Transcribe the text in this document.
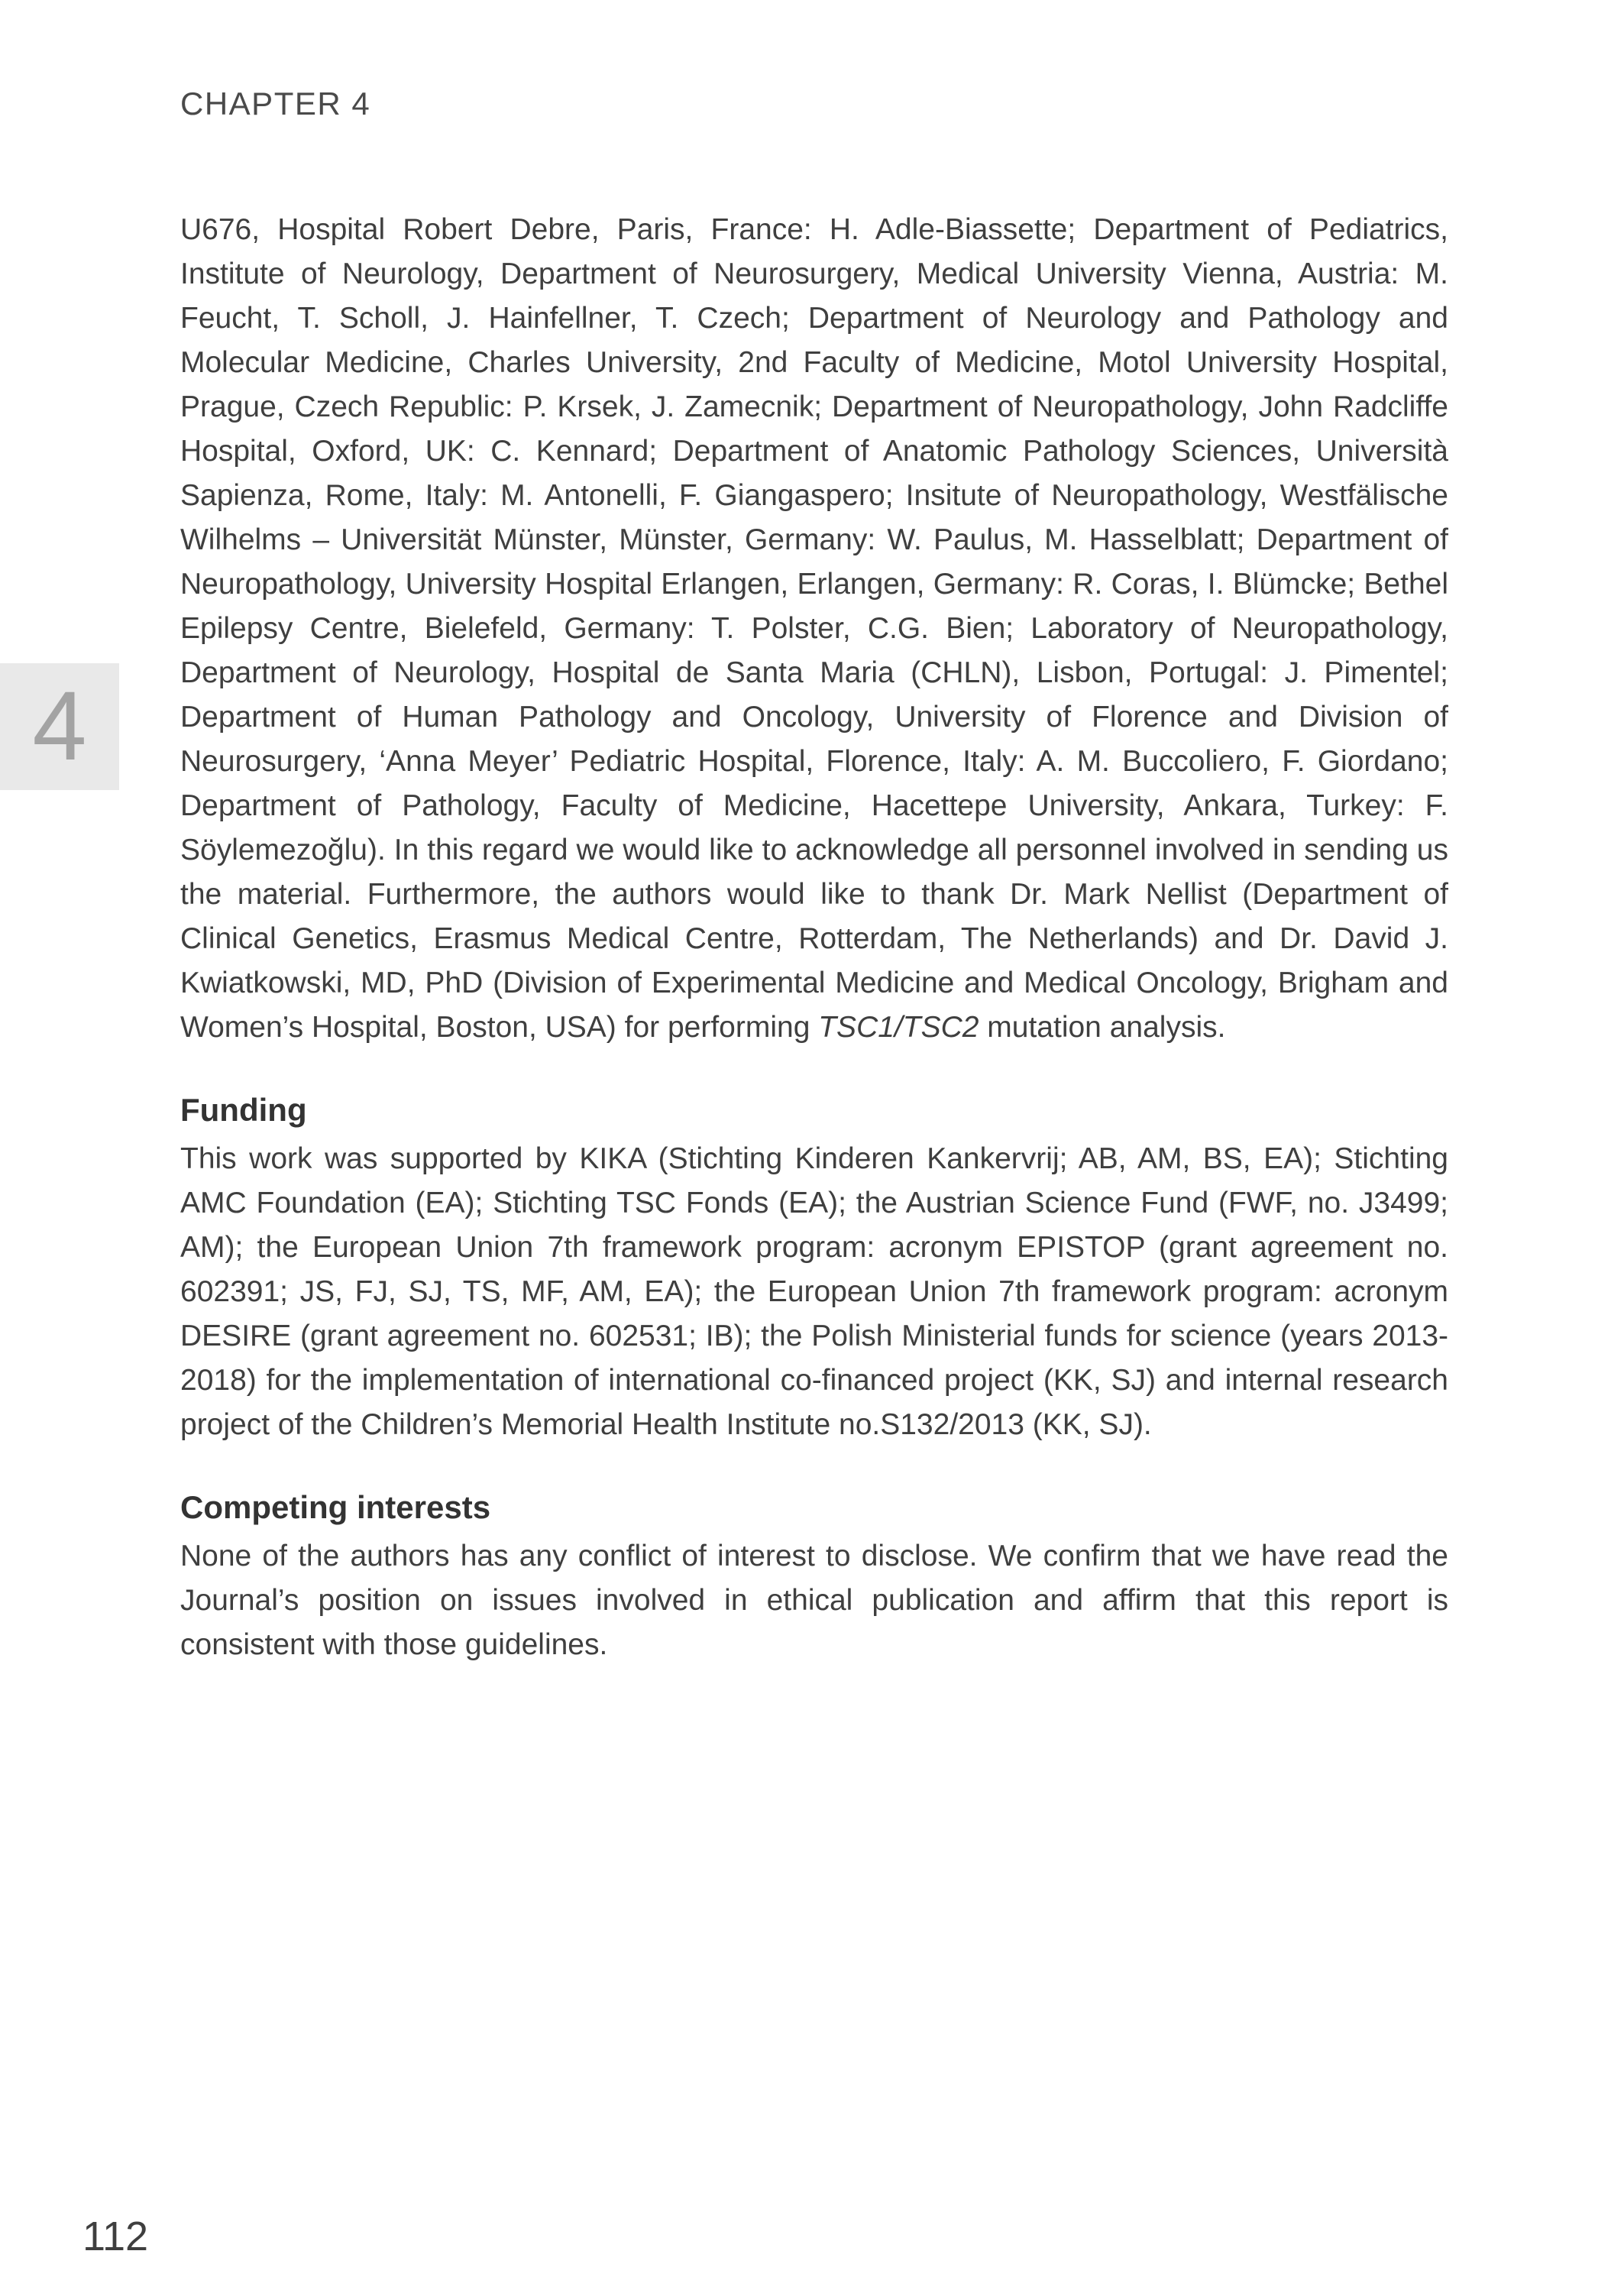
CHAPTER 4
4

U676, Hospital Robert Debre, Paris, France: H. Adle-Biassette; Department of Pediatrics, Institute of Neurology, Department of Neurosurgery, Medical University Vienna, Austria: M. Feucht, T. Scholl, J. Hainfellner, T. Czech; Department of Neurology and Pathology and Molecular Medicine, Charles University, 2nd Faculty of Medicine, Motol University Hospital, Prague, Czech Republic: P. Krsek, J. Zamecnik; Department of Neuropathology, John Radcliffe Hospital, Oxford, UK: C. Kennard; Department of Anatomic Pathology Sciences, Università Sapienza, Rome, Italy: M. Antonelli, F. Giangaspero; Insitute of Neuropathology, Westfälische Wilhelms – Universität Münster, Münster, Germany: W. Paulus, M. Hasselblatt; Department of Neuropathology, University Hospital Erlangen, Erlangen, Germany: R. Coras, I. Blümcke; Bethel Epilepsy Centre, Bielefeld, Germany: T. Polster, C.G. Bien; Laboratory of Neuropathology, Department of Neurology, Hospital de Santa Maria (CHLN), Lisbon, Portugal: J. Pimentel; Department of Human Pathology and Oncology, University of Florence and Division of Neurosurgery, ‘Anna Meyer’ Pediatric Hospital, Florence, Italy: A. M. Buccoliero, F. Giordano; Department of Pathology, Faculty of Medicine, Hacettepe University, Ankara, Turkey: F. Söylemezoğlu). In this regard we would like to acknowledge all personnel involved in sending us the material. Furthermore, the authors would like to thank Dr. Mark Nellist (Department of Clinical Genetics, Erasmus Medical Centre, Rotterdam, The Netherlands) and Dr. David J. Kwiatkowski, MD, PhD (Division of Experimental Medicine and Medical Oncology, Brigham and Women’s Hospital, Boston, USA) for performing TSC1/TSC2 mutation analysis.

Funding

This work was supported by KIKA (Stichting Kinderen Kankervrij; AB, AM, BS, EA); Stichting AMC Foundation (EA); Stichting TSC Fonds (EA); the Austrian Science Fund (FWF, no. J3499; AM); the European Union 7th framework program: acronym EPISTOP (grant agreement no. 602391; JS, FJ, SJ, TS, MF, AM, EA); the European Union 7th framework program: acronym DESIRE (grant agreement no. 602531; IB); the Polish Ministerial funds for science (years 2013-2018) for the implementation of international co-financed project (KK, SJ) and internal research project of the Children’s Memorial Health Institute no.S132/2013 (KK, SJ).

Competing interests

None of the authors has any conflict of interest to disclose. We confirm that we have read the Journal’s position on issues involved in ethical publication and affirm that this report is consistent with those guidelines.

112
